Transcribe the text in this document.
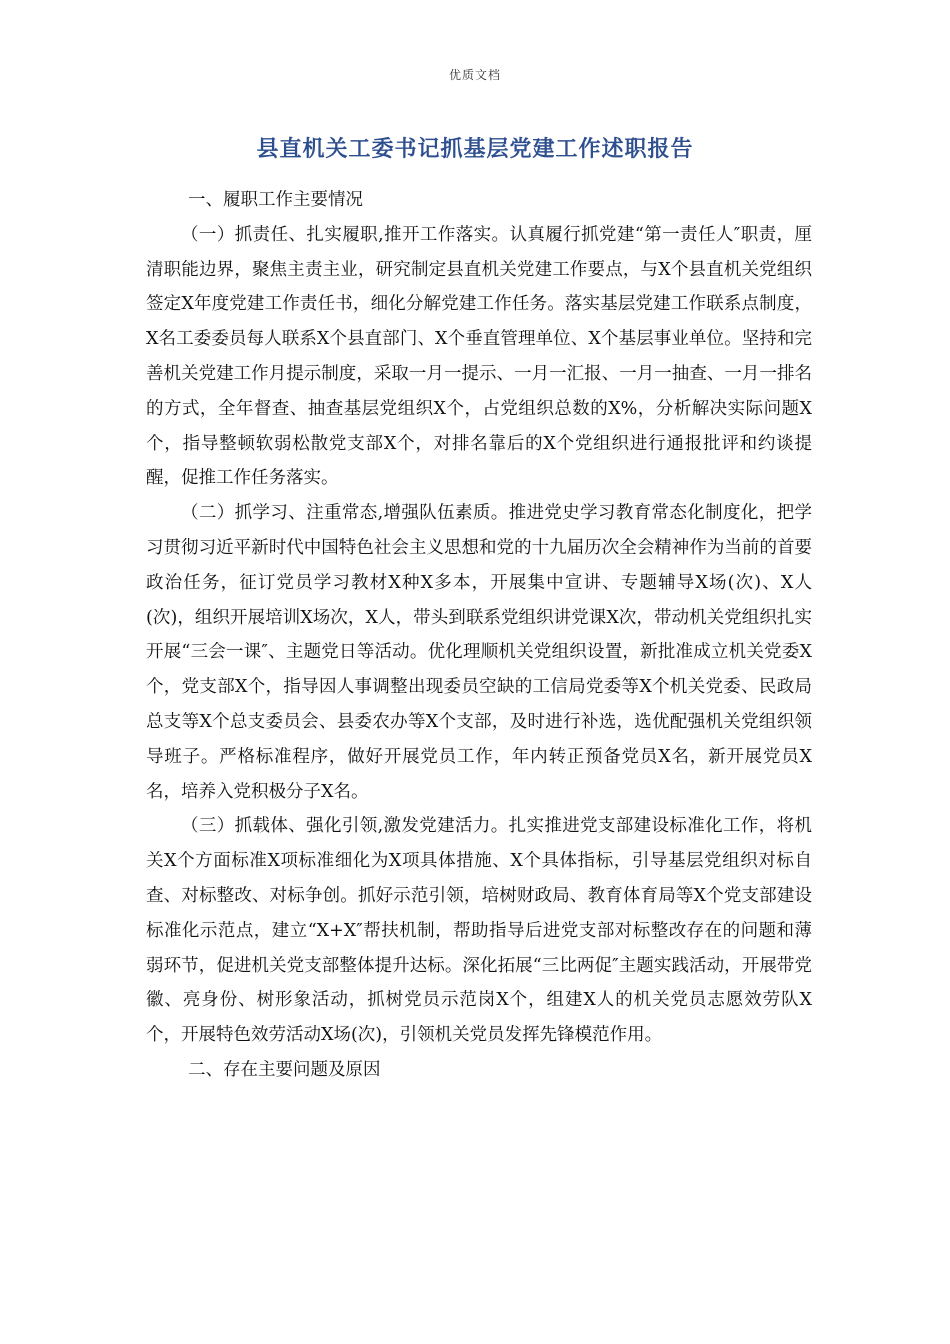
优质文档
县直机关工委书记抓基层党建工作述职报告

一、履职工作主要情况

（一）抓责任、扎实履职,推开工作落实。认真履行抓党建“第一责任人″职责，厘清职能边界，聚焦主责主业，研究制定县直机关党建工作要点，与X个县直机关党组织签定X年度党建工作责任书，细化分解党建工作任务。落实基层党建工作联系点制度，X名工委委员每人联系X个县直部门、X个垂直管理单位、X个基层事业单位。坚持和完善机关党建工作月提示制度，采取一月一提示、一月一汇报、一月一抽查、一月一排名的方式，全年督查、抽查基层党组织X个，占党组织总数的X%，分析解决实际问题X个，指导整顿软弱松散党支部X个，对排名靠后的X个党组织进行通报批评和约谈提醒，促推工作任务落实。

（二）抓学习、注重常态,增强队伍素质。推进党史学习教育常态化制度化，把学习贯彻习近平新时代中国特色社会主义思想和党的十九届历次全会精神作为当前的首要政治任务，征订党员学习教材X种X多本，开展集中宣讲、专题辅导X场(次)、X人(次)，组织开展培训X场次，X人，带头到联系党组织讲党课X次，带动机关党组织扎实开展“三会一课″、主题党日等活动。优化理顺机关党组织设置，新批准成立机关党委X个，党支部X个，指导因人事调整出现委员空缺的工信局党委等X个机关党委、民政局总支等X个总支委员会、县委农办等X个支部，及时进行补选，选优配强机关党组织领导班子。严格标准程序，做好开展党员工作，年内转正预备党员X名，新开展党员X名，培养入党积极分子X名。

（三）抓载体、强化引领,激发党建活力。扎实推进党支部建设标准化工作，将机关X个方面标准X项标准细化为X项具体措施、X个具体指标，引导基层党组织对标自查、对标整改、对标争创。抓好示范引领，培树财政局、教育体育局等X个党支部建设标准化示范点，建立“X+X″帮扶机制，帮助指导后进党支部对标整改存在的问题和薄弱环节，促进机关党支部整体提升达标。深化拓展“三比两促″主题实践活动，开展带党徽、亮身份、树形象活动，抓树党员示范岗X个，组建X人的机关党员志愿效劳队X个，开展特色效劳活动X场(次)，引领机关党员发挥先锋模范作用。

二、存在主要问题及原因
